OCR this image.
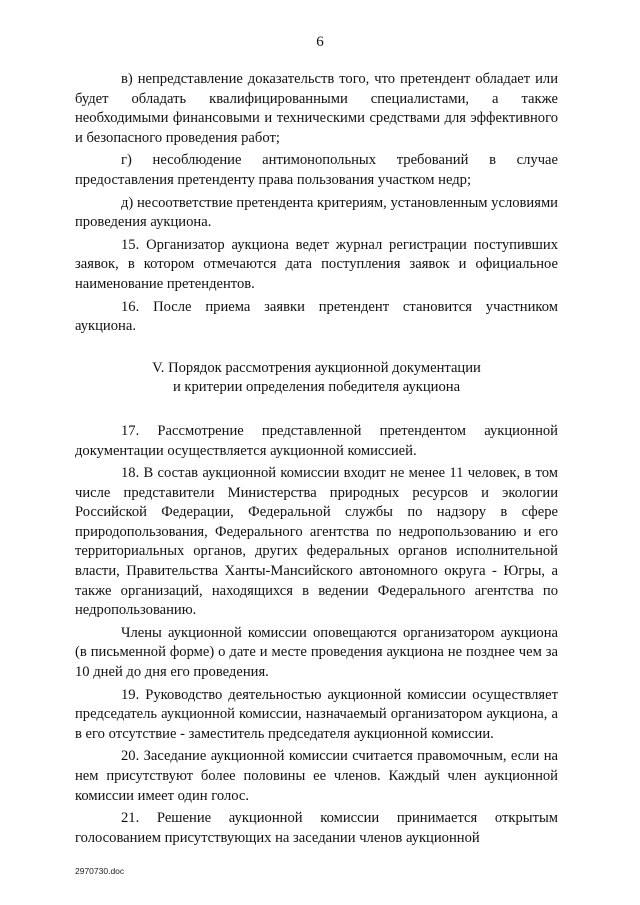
6

в) непредставление доказательств того, что претендент обладает или будет обладать квалифицированными специалистами, а также необходимыми финансовыми и техническими средствами для эффективного и безопасного проведения работ;

г) несоблюдение антимонопольных требований в случае предоставления претенденту права пользования участком недр;

д) несоответствие претендента критериям, установленным условиями проведения аукциона.

15. Организатор аукциона ведет журнал регистрации поступивших заявок, в котором отмечаются дата поступления заявок и официальное наименование претендентов.

16. После приема заявки претендент становится участником аукциона.

V. Порядок рассмотрения аукционной документации
и критерии определения победителя аукциона

17. Рассмотрение представленной претендентом аукционной документации осуществляется аукционной комиссией.

18. В состав аукционной комиссии входит не менее 11 человек, в том числе представители Министерства природных ресурсов и экологии Российской Федерации, Федеральной службы по надзору в сфере природопользования, Федерального агентства по недропользованию и его территориальных органов, других федеральных органов исполнительной власти, Правительства Ханты-Мансийского автономного округа - Югры, а также организаций, находящихся в ведении Федерального агентства по недропользованию.

Члены аукционной комиссии оповещаются организатором аукциона (в письменной форме) о дате и месте проведения аукциона не позднее чем за 10 дней до дня его проведения.

19. Руководство деятельностью аукционной комиссии осуществляет председатель аукционной комиссии, назначаемый организатором аукциона, а в его отсутствие - заместитель председателя аукционной комиссии.

20. Заседание аукционной комиссии считается правомочным, если на нем присутствуют более половины ее членов. Каждый член аукционной комиссии имеет один голос.

21. Решение аукционной комиссии принимается открытым голосованием присутствующих на заседании членов аукционной

2970730.doc
